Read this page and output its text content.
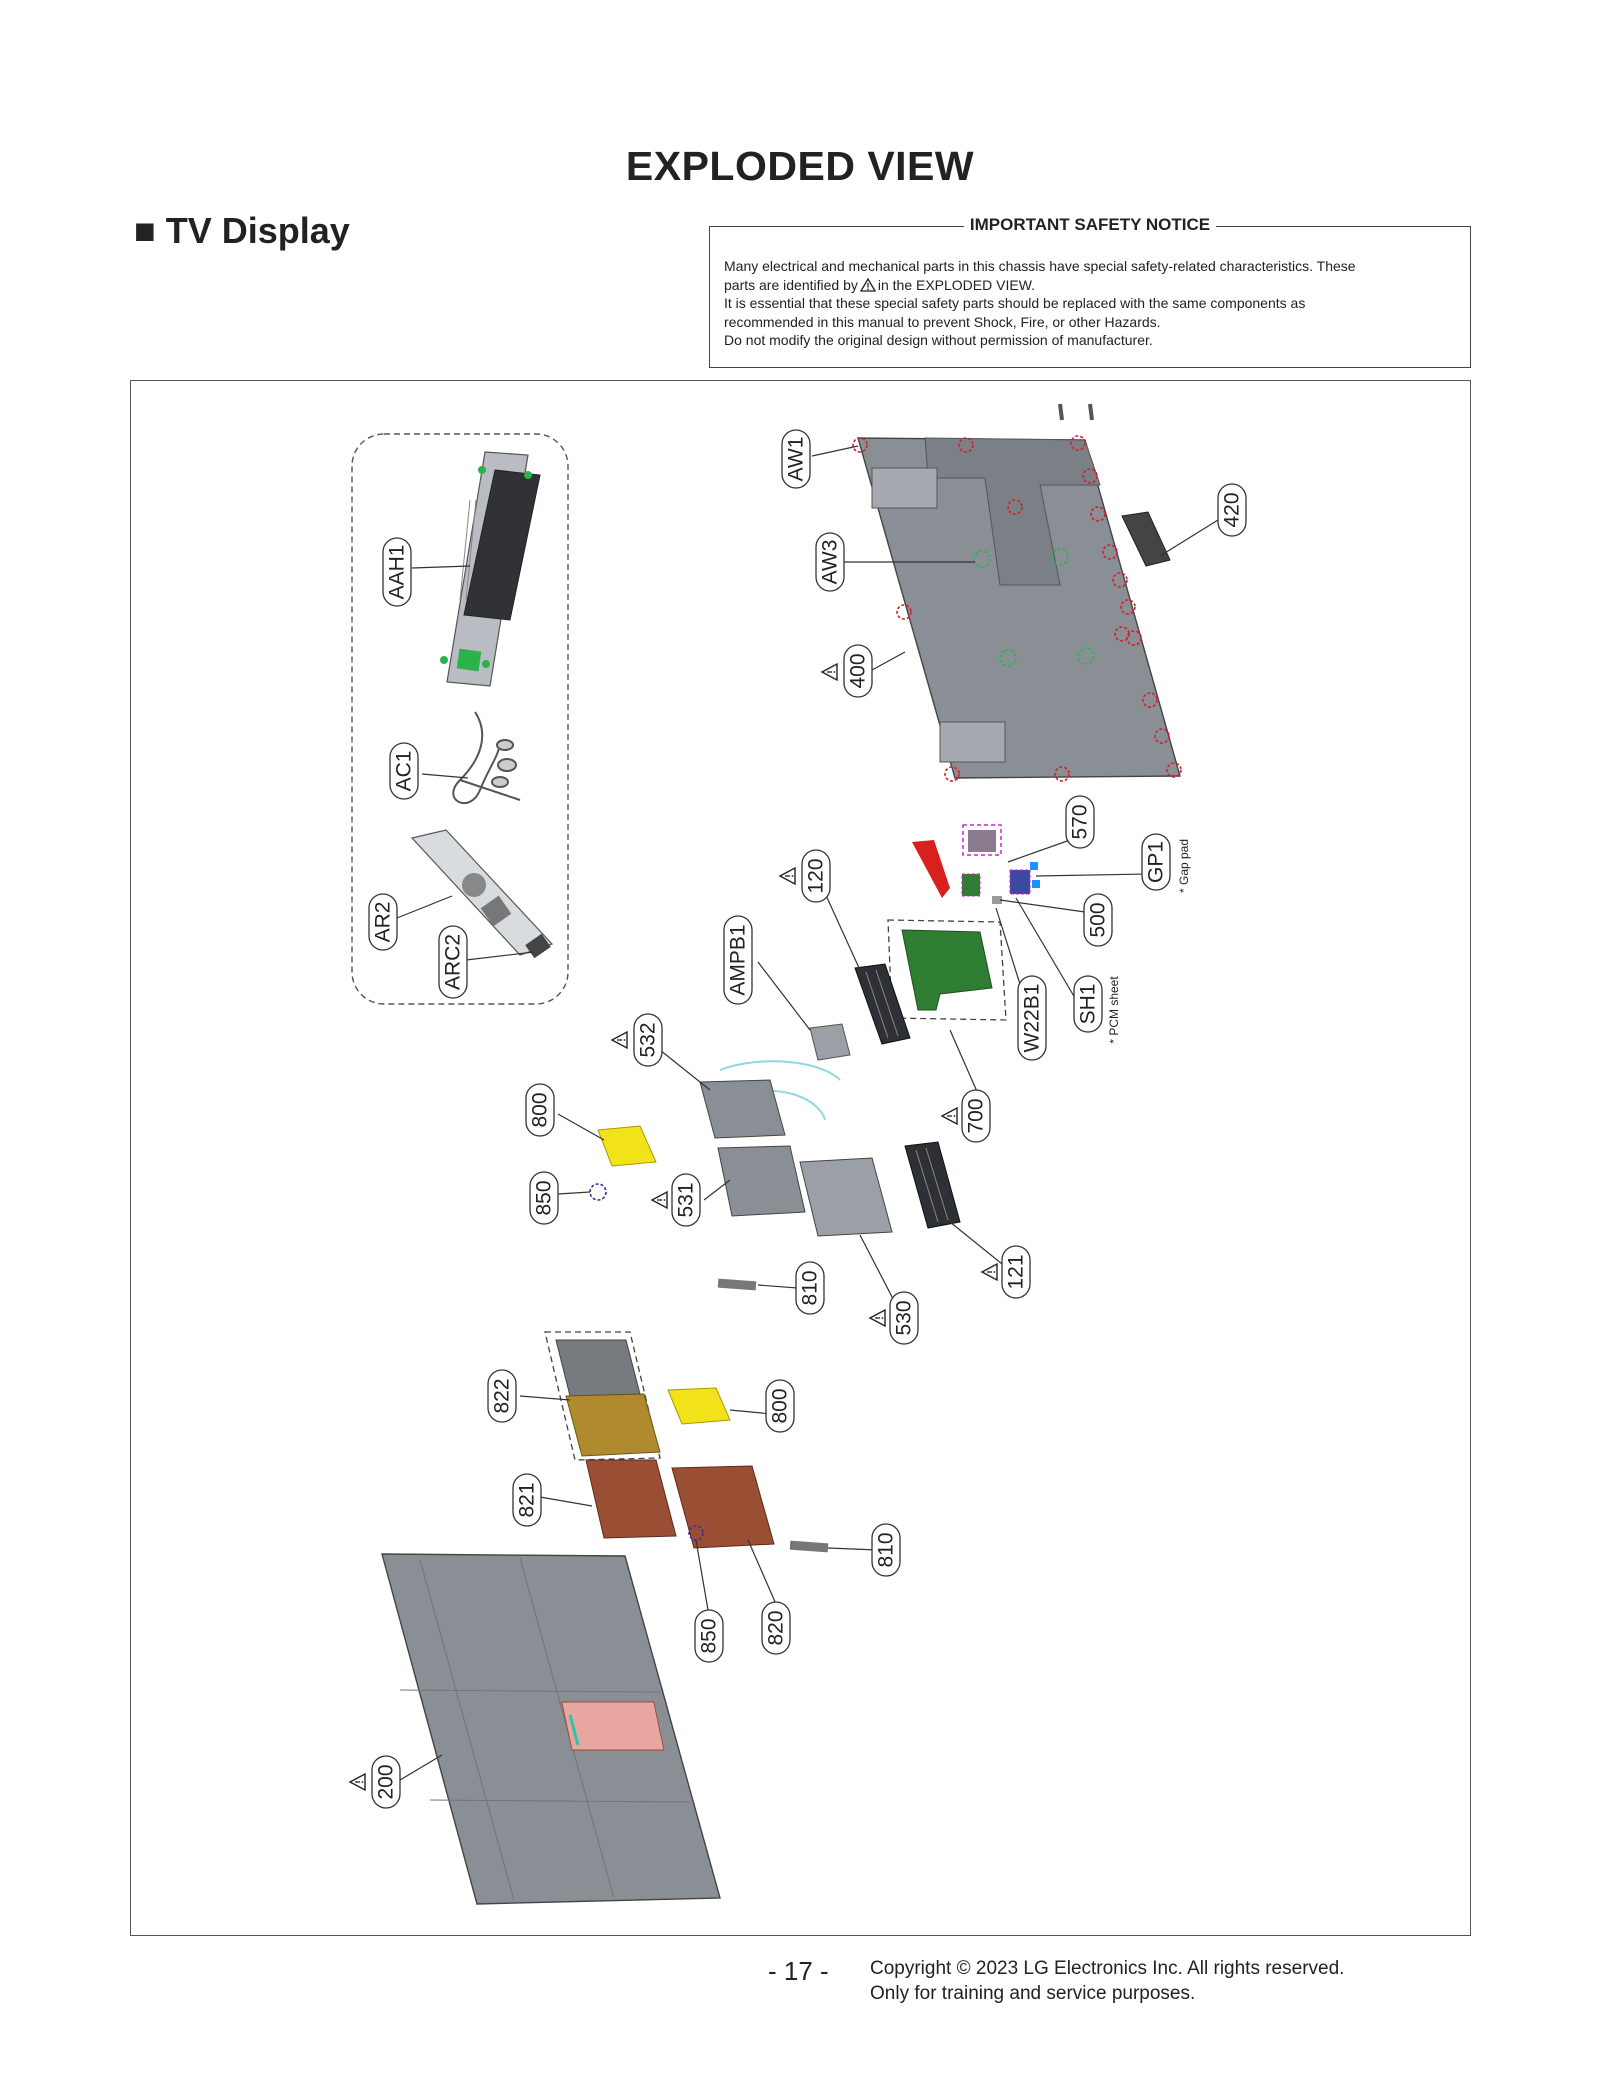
EXPLODED VIEW
■ TV Display	IMPORTANT SAFETY NOTICE

Many electrical and mechanical parts in this chassis have special safety-related characteristics. These

parts are identified by in the EXPLODED VIEW.

It is essential that these special safety parts should be replaced with the same components as

recommended in this manual to prevent Shock, Fire, or other Hazards.

Do not modify the original design without permission of manufacturer.

AW1
AW3
400
420
AAH1
AC1
AR2
ARC2
570
GP1 * Gap pad
500
120
AMPB1
W22B1 SH1 * PCM sheet
532
700
800
850	531
121
810
530
822	800
821
810
850 820
200
- 17 - Copyright © 2023 LG Electronics Inc. All rights reserved.
Only for training and service purposes.
